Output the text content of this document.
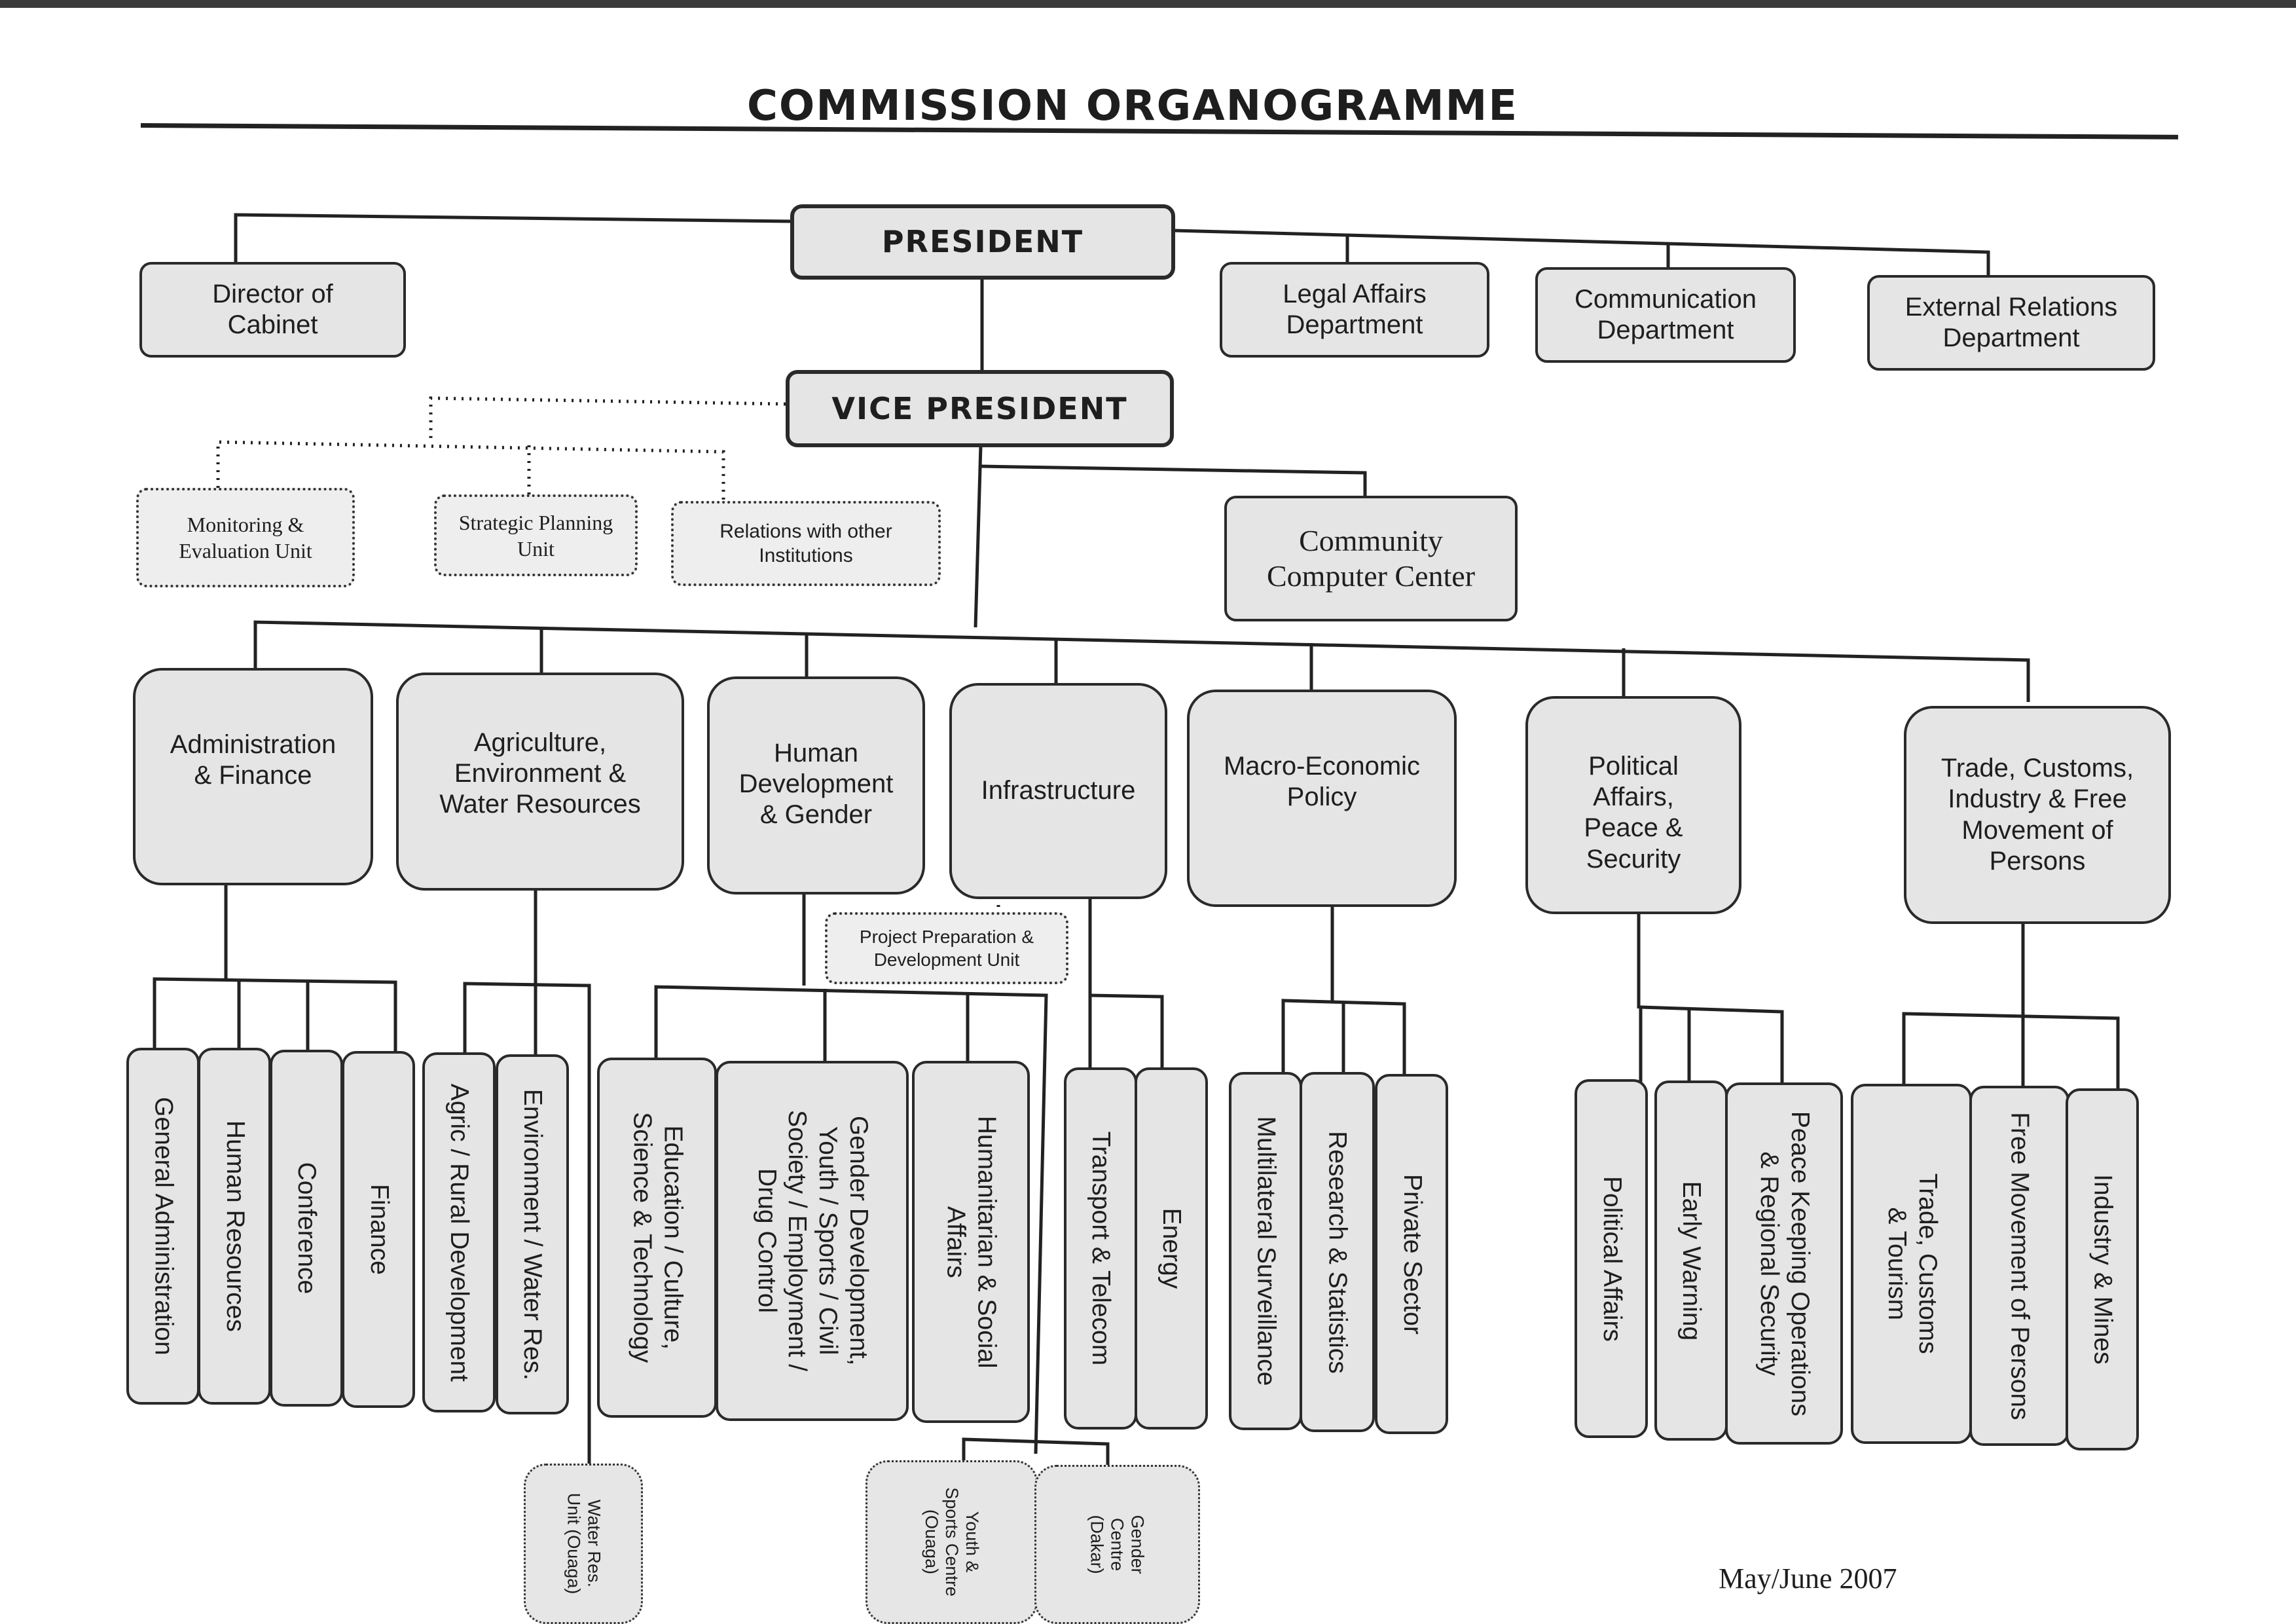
COMMISSION ORGANOGRAMME
PRESIDENT
Director of
Cabinet
Legal Affairs
Department
Communication
Department
External Relations
Department
VICE PRESIDENT
Monitoring &
Evaluation Unit
Strategic Planning
Unit
Relations with other
Institutions	Community
Computer Center
Administration
& Finance
Agriculture,
Environment &
Water Resources
Human
Development
& Gender
Infrastructure
Macro-Economic
Policy
Political
Affairs,
Peace &
Security
Trade, Customs,
Industry & Free
Movement of
Persons
Project Preparation &
Development Unit
General Administration Human Resources Conference Finance Agric / Rural Development Environment / Water Res.
Water Res.
Unit (Ouaga)
Education / Culture,
Science & Technology	Gender Development,
Youth / Sports / Civil
Society / Employment /
Drug Control	Humanitarian & Social
Affairs
Youth &
Sports Centre
(Ouaga)	Gender
Centre
(Dakar)
Transport & Telecom Energy	Multilateral Surveillance Research & Statistics Private Sector	Political Affairs Early Warning	Peace Keeping Operations
& Regional Security	Trade, Customs
& Tourism	Free Movement of Persons Industry & Mines
May/June 2007
